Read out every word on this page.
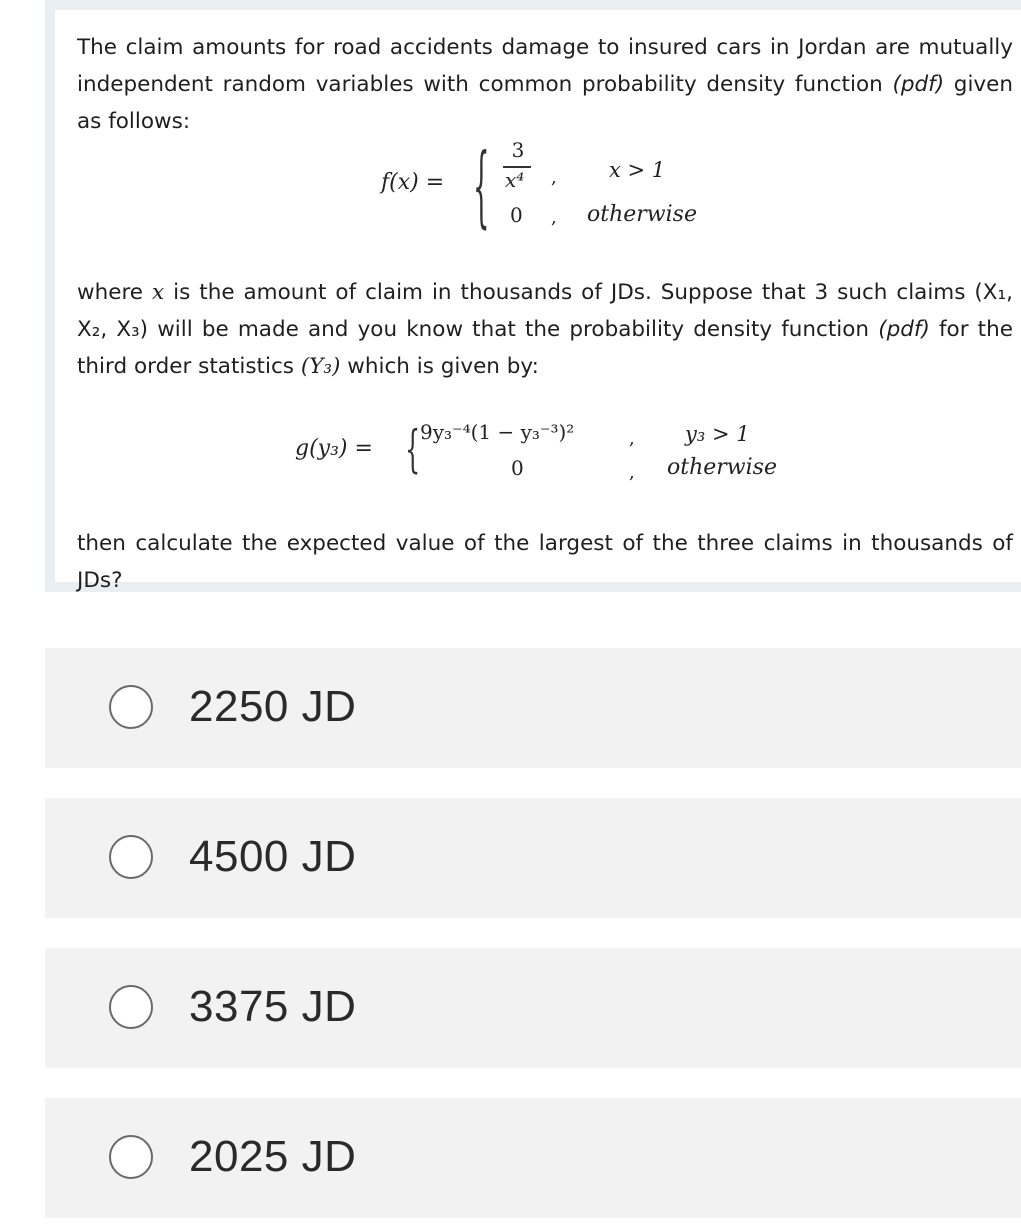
The claim amounts for road accidents damage to insured cars in Jordan are mutually independent random variables with common probability density function (pdf) given as follows:
f(x) = {	3
x⁴ , x > 1
0 , otherwise
where x is the amount of claim in thousands of JDs. Suppose that 3 such claims (X₁, X₂, X₃) will be made and you know that the probability density function (pdf) for the third order statistics (Y₃) which is given by:
g(y₃) = { 9y₃⁻⁴(1 − y₃⁻³)²	, y₃ > 1
0	, otherwise
then calculate the expected value of the largest of the three claims in thousands of JDs?
2250 JD
4500 JD
3375 JD
2025 JD
